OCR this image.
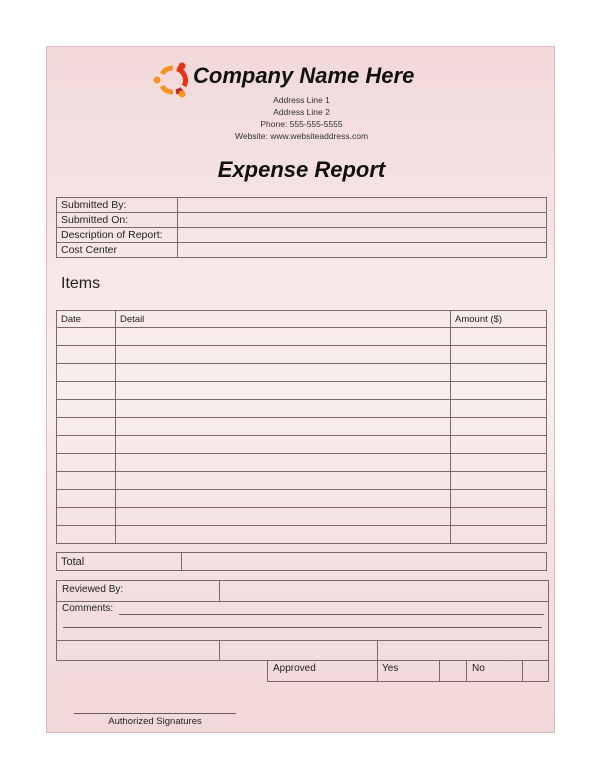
Company Name Here
Address Line 1
Address Line 2
Phone: 555-555-5555
Website: www.websiteaddress.com
Expense Report
Submitted By:	
Submitted On:	
Description of Report:	
Cost Center	
Items
Date	Detail	Amount ($)

Total	
Reviewed By:
Comments:
Approved	Yes	No
Authorized Signatures
